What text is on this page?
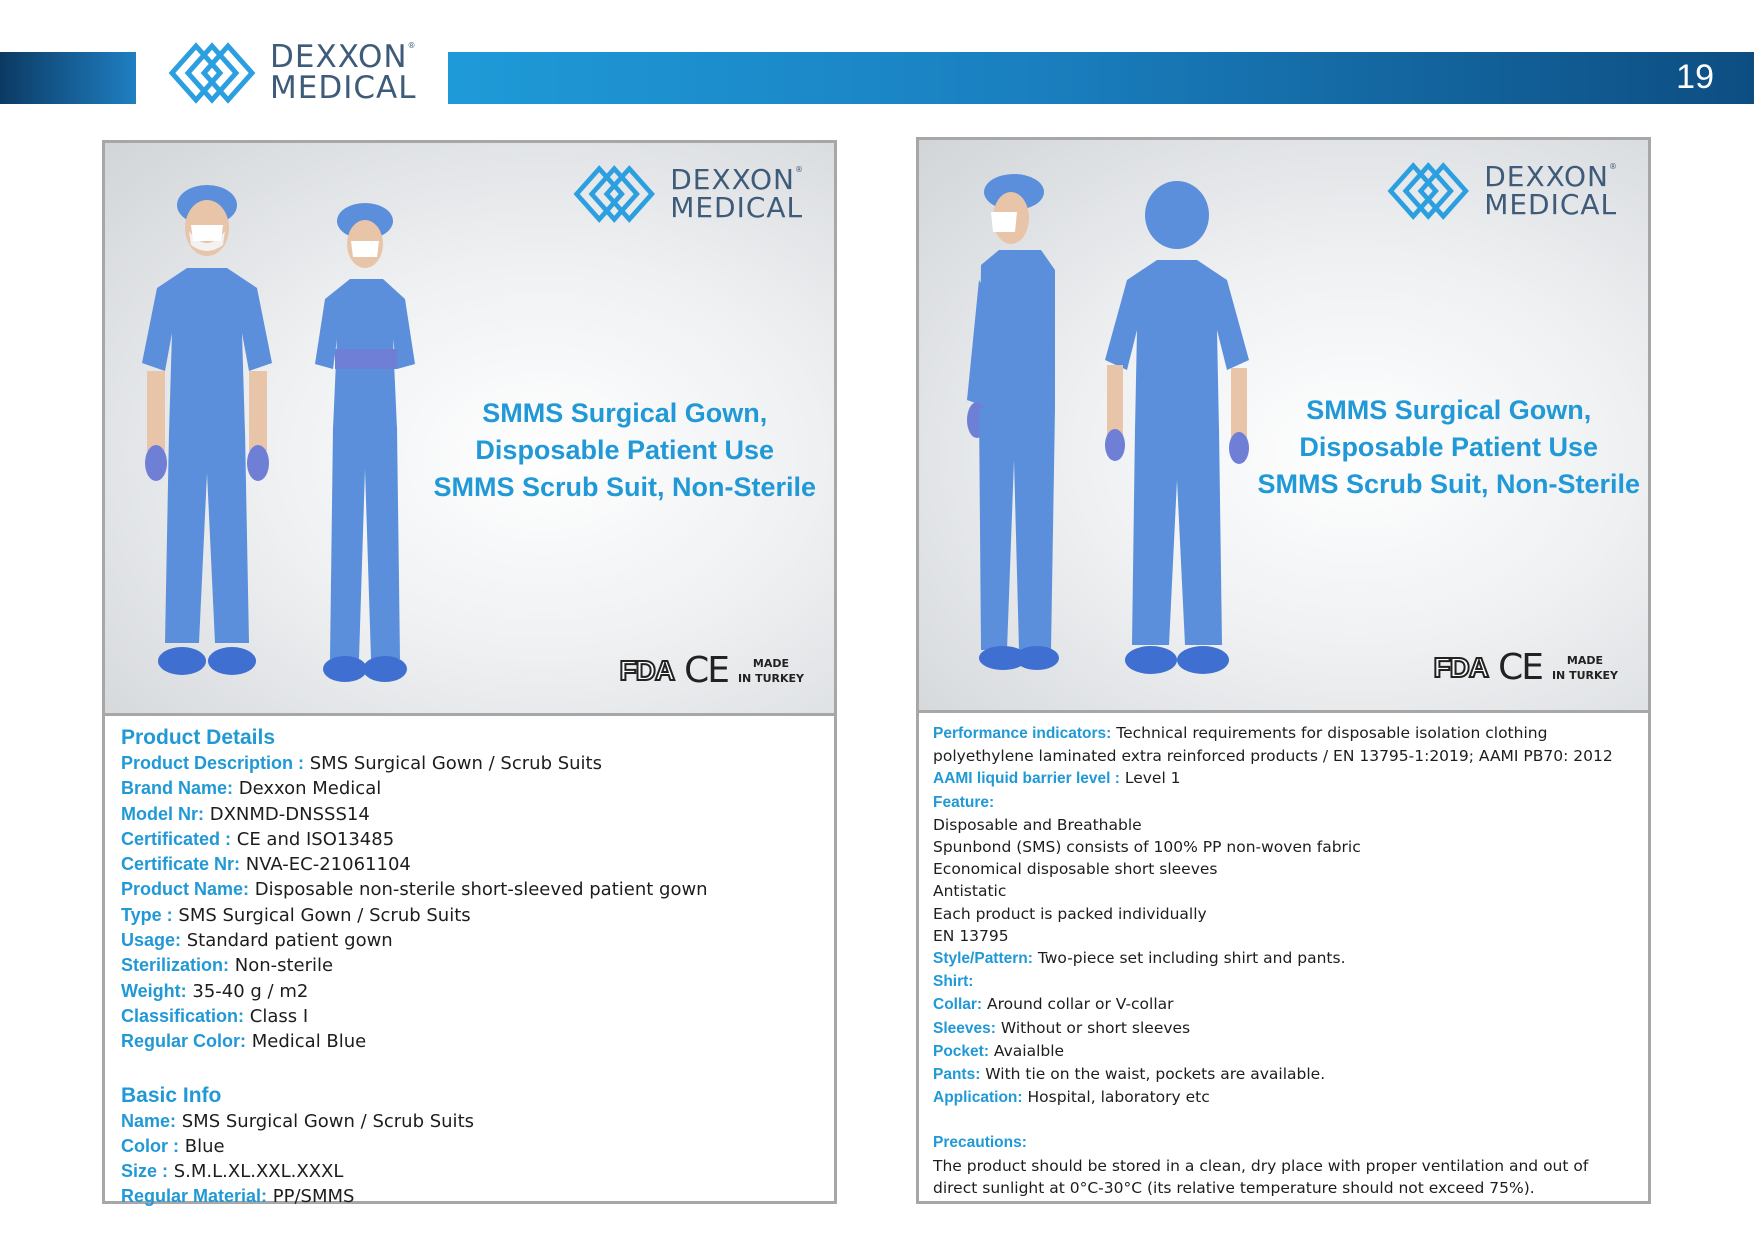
19
DEXXON®
MEDICAL
DEXXON®
MEDICAL
SMMS Surgical Gown,
Disposable Patient Use
SMMS Scrub Suit, Non-Sterile
FDA CE	MADE
IN TURKEY
Product Details
Product Description : SMS Surgical Gown / Scrub Suits
Brand Name: Dexxon Medical
Model Nr: DXNMD-DNSSS14
Certificated : CE and ISO13485
Certificate Nr: NVA-EC-21061104
Product Name: Disposable non-sterile short-sleeved patient gown
Type : SMS Surgical Gown / Scrub Suits
Usage: Standard patient gown
Sterilization: Non-sterile
Weight: 35-40 g / m2
Classification: Class I
Regular Color: Medical Blue
Basic Info
Name: SMS Surgical Gown / Scrub Suits
Color : Blue
Size : S.M.L.XL.XXL.XXXL
Regular Material: PP/SMMS
DEXXON®
MEDICAL
SMMS Surgical Gown,
Disposable Patient Use
SMMS Scrub Suit, Non-Sterile
FDA CE	MADE
IN TURKEY
Performance indicators: Technical requirements for disposable isolation clothing
polyethylene laminated extra reinforced products / EN 13795-1:2019; AAMI PB70: 2012
AAMI liquid barrier level : Level 1
Feature:
Disposable and Breathable
Spunbond (SMS) consists of 100% PP non-woven fabric
Economical disposable short sleeves
Antistatic
Each product is packed individually
EN 13795
Style/Pattern: Two-piece set including shirt and pants.
Shirt:
Collar: Around collar or V-collar
Sleeves: Without or short sleeves
Pocket: Avaialble
Pants: With tie on the waist, pockets are available.
Application: Hospital, laboratory etc
Precautions:
The product should be stored in a clean, dry place with proper ventilation and out of
direct sunlight at 0°C-30°C (its relative temperature should not exceed 75%).
